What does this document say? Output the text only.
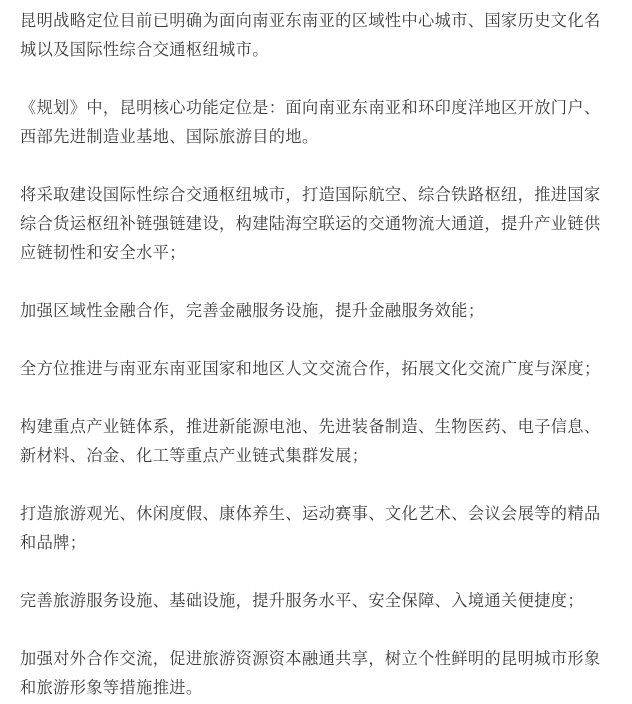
昆明战略定位目前已明确为面向南亚东南亚的区域性中心城市、国家历史文化名城以及国际性综合交通枢纽城市。

《规划》中，昆明核心功能定位是：面向南亚东南亚和环印度洋地区开放门户、西部先进制造业基地、国际旅游目的地。

将采取建设国际性综合交通枢纽城市，打造国际航空、综合铁路枢纽，推进国家综合货运枢纽补链强链建设，构建陆海空联运的交通物流大通道，提升产业链供应链韧性和安全水平；

加强区域性金融合作，完善金融服务设施，提升金融服务效能；

全方位推进与南亚东南亚国家和地区人文交流合作，拓展文化交流广度与深度；

构建重点产业链体系，推进新能源电池、先进装备制造、生物医药、电子信息、新材料、冶金、化工等重点产业链式集群发展；

打造旅游观光、休闲度假、康体养生、运动赛事、文化艺术、会议会展等的精品和品牌；

完善旅游服务设施、基础设施，提升服务水平、安全保障、入境通关便捷度；

加强对外合作交流，促进旅游资源资本融通共享，树立个性鲜明的昆明城市形象和旅游形象等措施推进。
